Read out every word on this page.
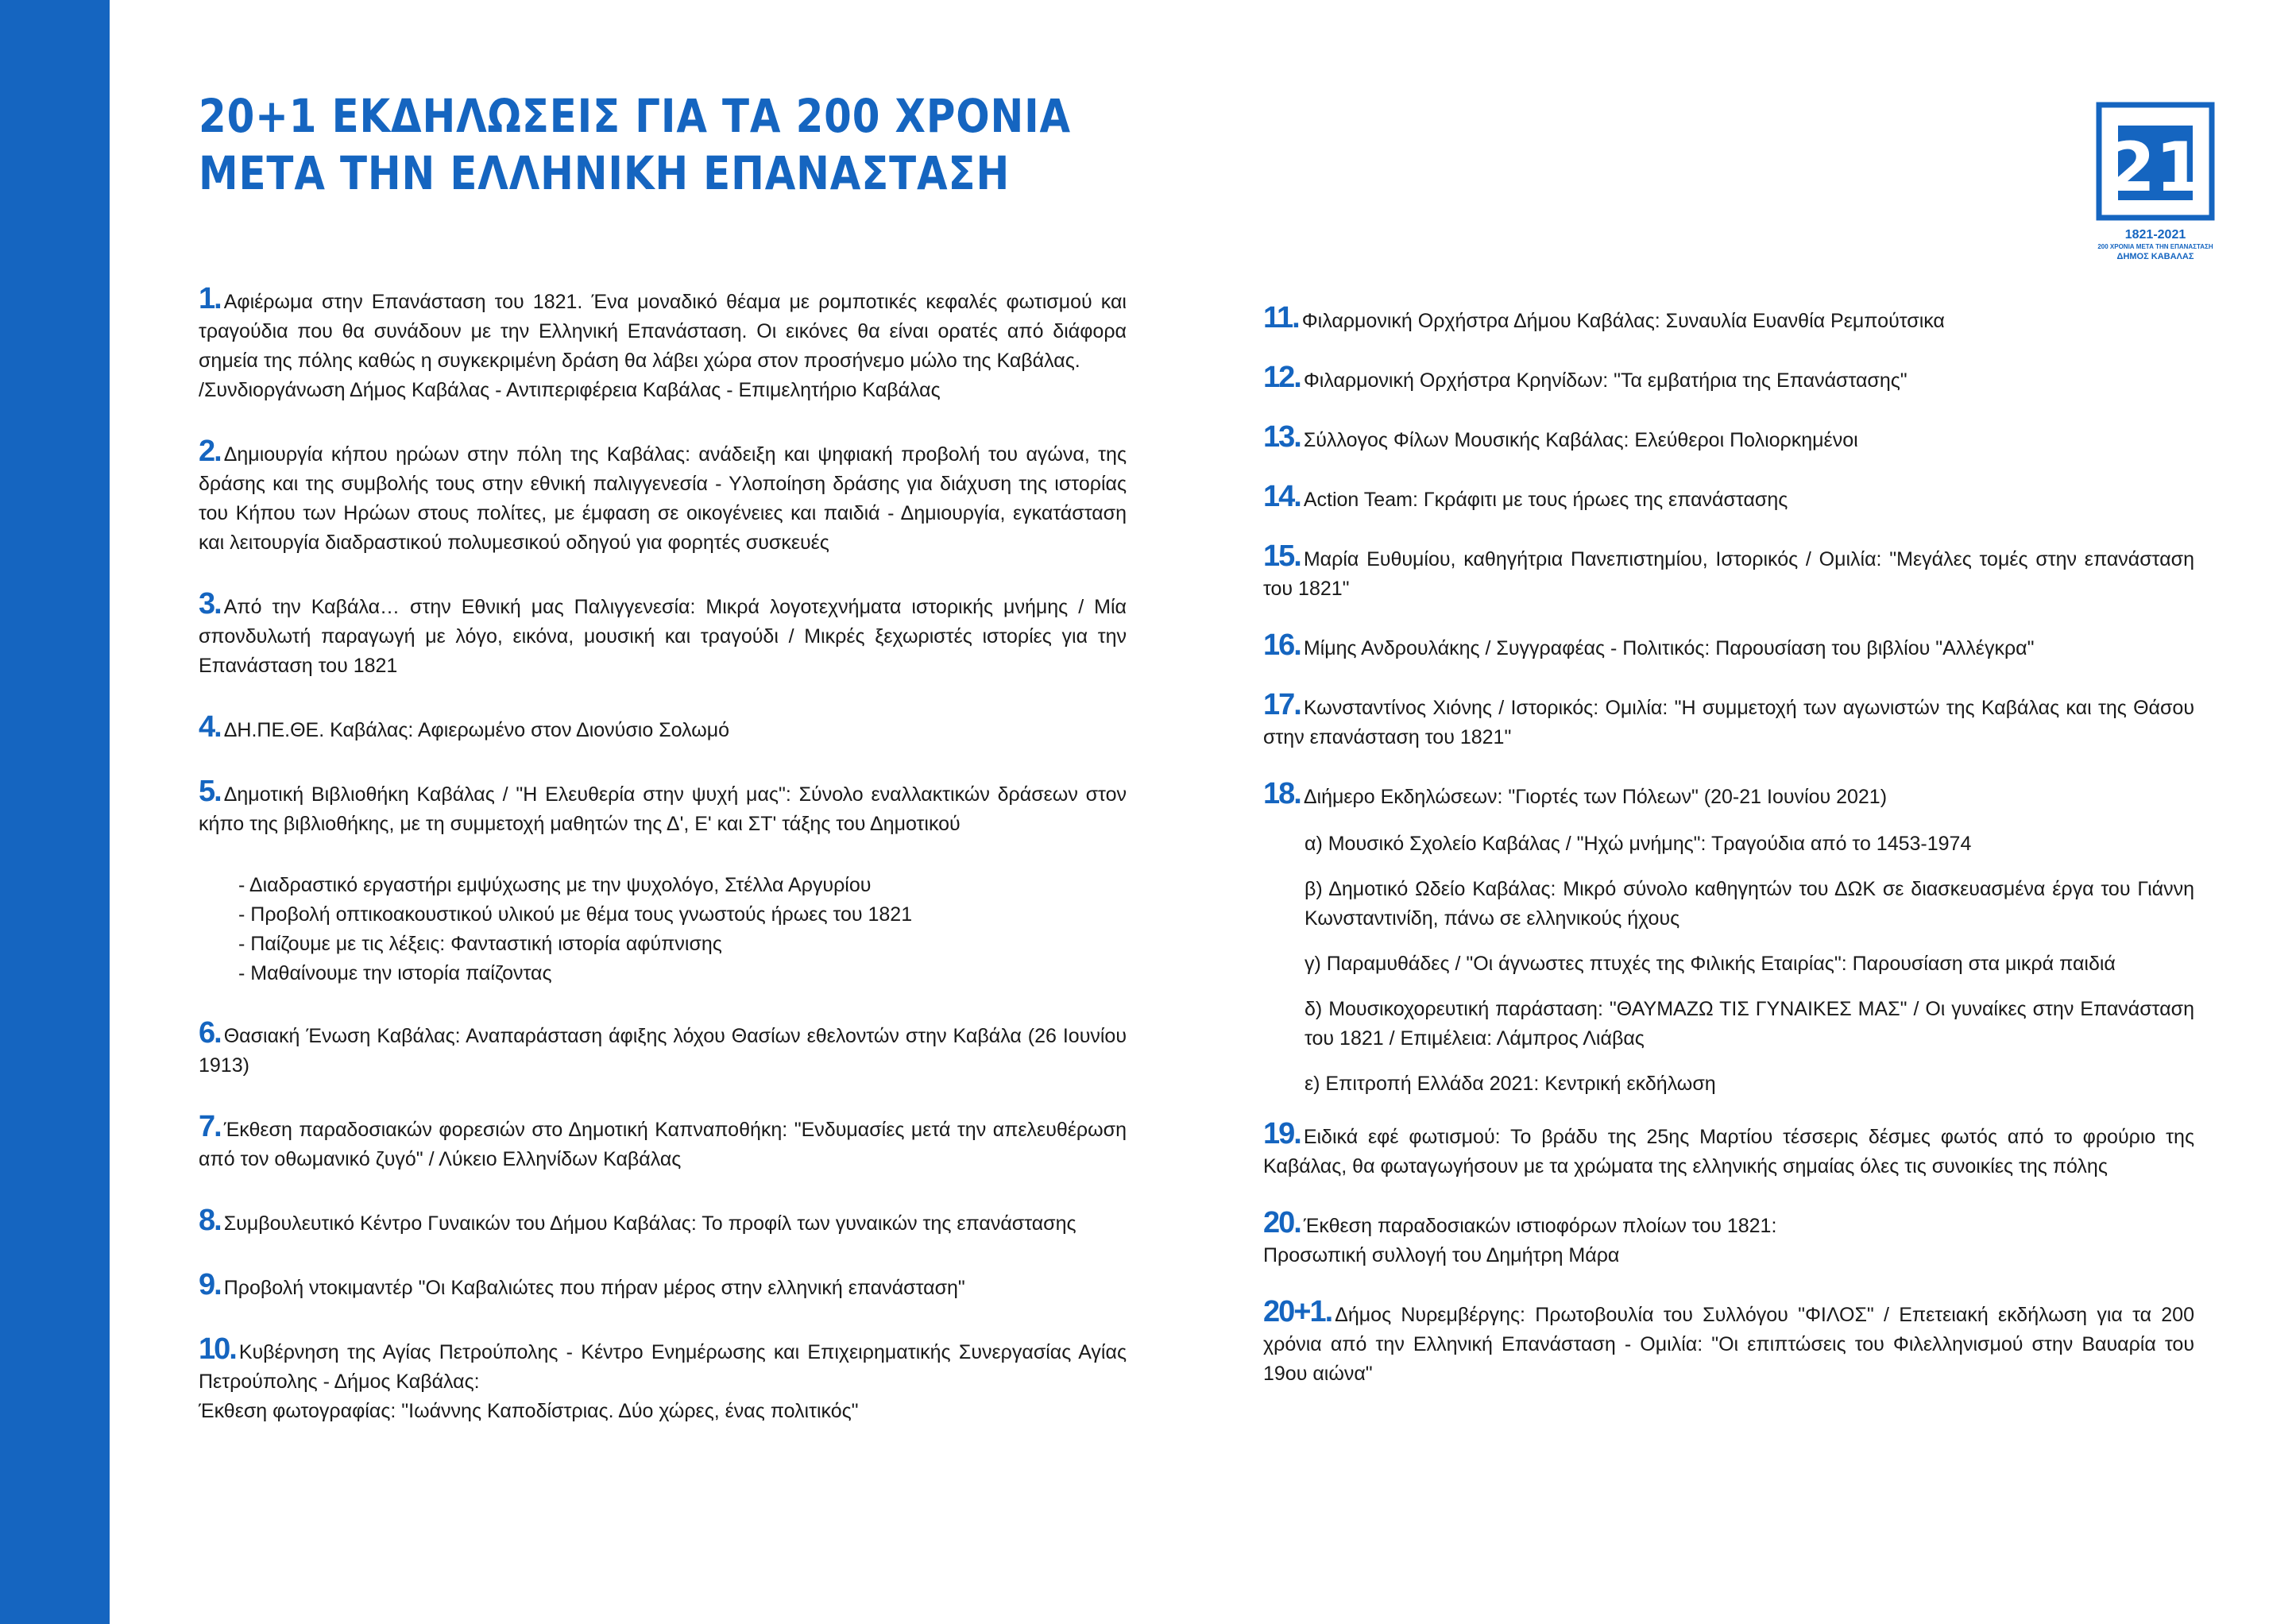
20+1 ΕΚΔΗΛΩΣΕΙΣ ΓΙΑ ΤΑ 200 ΧΡΟΝΙΑ
ΜΕΤΑ ΤΗΝ ΕΛΛΗΝΙΚΗ ΕΠΑΝΑΣΤΑΣΗ	21
1821-2021
200 ΧΡΟΝΙΑ ΜΕΤΑ ΤΗΝ ΕΠΑΝΑΣΤΑΣΗ
ΔΗΜΟΣ ΚΑΒΑΛΑΣ

1. Αφιέρωμα στην Επανάσταση του 1821. Ένα μοναδικό θέαμα με ρομποτικές κεφαλές φωτισμού και τραγούδια που θα συνάδουν με την Ελληνική Επανάσταση. Οι εικόνες θα είναι ορατές από διάφορα σημεία της πόλης καθώς η συγκεκριμένη δράση θα λάβει χώρα στον προσήνεμο μώλο της Καβάλας.
/Συνδιοργάνωση Δήμος Καβάλας - Αντιπεριφέρεια Καβάλας - Επιμελητήριο Καβάλας

2. Δημιουργία κήπου ηρώων στην πόλη της Καβάλας: ανάδειξη και ψηφιακή προβολή του αγώνα, της δράσης και της συμβολής τους στην εθνική παλιγγενεσία - Υλοποίηση δράσης για διάχυση της ιστορίας του Κήπου των Ηρώων στους πολίτες, με έμφαση σε οικογένειες και παιδιά - Δημιουργία, εγκατάσταση και λειτουργία διαδραστικού πολυμεσικού οδηγού για φορητές συσκευές

3. Από την Καβάλα… στην Εθνική μας Παλιγγενεσία: Μικρά λογοτεχνήματα ιστορικής μνήμης / Μία σπονδυλωτή παραγωγή με λόγο, εικόνα, μουσική και τραγούδι / Μικρές ξεχωριστές ιστορίες για την Επανάσταση του 1821

4. ΔΗ.ΠΕ.ΘΕ. Καβάλας: Αφιερωμένο στον Διονύσιο Σολωμό

5. Δημοτική Βιβλιοθήκη Καβάλας / "Η Ελευθερία στην ψυχή μας": Σύνολο εναλλακτικών δράσεων στον κήπο της βιβλιοθήκης, με τη συμμετοχή μαθητών της Δ', Ε' και ΣΤ' τάξης του Δημοτικού

- Διαδραστικό εργαστήρι εμψύχωσης με την ψυχολόγο, Στέλλα Αργυρίου
- Προβολή οπτικοακουστικού υλικού με θέμα τους γνωστούς ήρωες του 1821
- Παίζουμε με τις λέξεις: Φανταστική ιστορία αφύπνισης
- Μαθαίνουμε την ιστορία παίζοντας

6. Θασιακή Ένωση Καβάλας: Αναπαράσταση άφιξης λόχου Θασίων εθελοντών στην Καβάλα (26 Ιουνίου 1913)

7. Έκθεση παραδοσιακών φορεσιών στο Δημοτική Καπναποθήκη: "Ενδυμασίες μετά την απελευθέρωση από τον οθωμανικό ζυγό" / Λύκειο Ελληνίδων Καβάλας

8. Συμβουλευτικό Κέντρο Γυναικών του Δήμου Καβάλας: Το προφίλ των γυναικών της επανάστασης

9. Προβολή ντοκιμαντέρ "Οι Καβαλιώτες που πήραν μέρος στην ελληνική επανάσταση"

10. Κυβέρνηση της Αγίας Πετρούπολης - Κέντρο Ενημέρωσης και Επιχειρηματικής Συνεργασίας Αγίας Πετρούπολης - Δήμος Καβάλας:
Έκθεση φωτογραφίας: "Ιωάννης Καποδίστριας. Δύο χώρες, ένας πολιτικός"

11. Φιλαρμονική Ορχήστρα Δήμου Καβάλας: Συναυλία Ευανθία Ρεμπούτσικα

12. Φιλαρμονική Ορχήστρα Κρηνίδων: "Τα εμβατήρια της Επανάστασης"

13. Σύλλογος Φίλων Μουσικής Καβάλας: Ελεύθεροι Πολιορκημένοι

14. Action Team: Γκράφιτι με τους ήρωες της επανάστασης

15. Μαρία Ευθυμίου, καθηγήτρια Πανεπιστημίου, Ιστορικός / Ομιλία: "Μεγάλες τομές στην επανάσταση του 1821"

16. Μίμης Ανδρουλάκης / Συγγραφέας - Πολιτικός: Παρουσίαση του βιβλίου "Αλλέγκρα"

17. Κωνσταντίνος Χιόνης / Ιστορικός: Ομιλία: "Η συμμετοχή των αγωνιστών της Καβάλας και της Θάσου στην επανάσταση του 1821"

18. Διήμερο Εκδηλώσεων: "Γιορτές των Πόλεων" (20-21 Ιουνίου 2021)

α) Μουσικό Σχολείο Καβάλας / "Ηχώ μνήμης": Τραγούδια από το 1453-1974

β) Δημοτικό Ωδείο Καβάλας: Μικρό σύνολο καθηγητών του ΔΩΚ σε διασκευασμένα έργα του Γιάννη Κωνσταντινίδη, πάνω σε ελληνικούς ήχους

γ) Παραμυθάδες / "Οι άγνωστες πτυχές της Φιλικής Εταιρίας": Παρουσίαση στα μικρά παιδιά

δ) Μουσικοχορευτική παράσταση: "ΘΑΥΜΑΖΩ ΤΙΣ ΓΥΝΑΙΚΕΣ ΜΑΣ" / Οι γυναίκες στην Επανάσταση του 1821 / Επιμέλεια: Λάμπρος Λιάβας

ε) Επιτροπή Ελλάδα 2021: Κεντρική εκδήλωση

19. Ειδικά εφέ φωτισμού: Το βράδυ της 25ης Μαρτίου τέσσερις δέσμες φωτός από το φρούριο της Καβάλας, θα φωταγωγήσουν με τα χρώματα της ελληνικής σημαίας όλες τις συνοικίες της πόλης

20. Έκθεση παραδοσιακών ιστιοφόρων πλοίων του 1821:
Προσωπική συλλογή του Δημήτρη Μάρα

20+1. Δήμος Νυρεμβέργης: Πρωτοβουλία του Συλλόγου "ΦΙΛΟΣ" / Επετειακή εκδήλωση για τα 200 χρόνια από την Ελληνική Επανάσταση - Ομιλία: "Οι επιπτώσεις του Φιλελληνισμού στην Βαυαρία του 19ου αιώνα"
